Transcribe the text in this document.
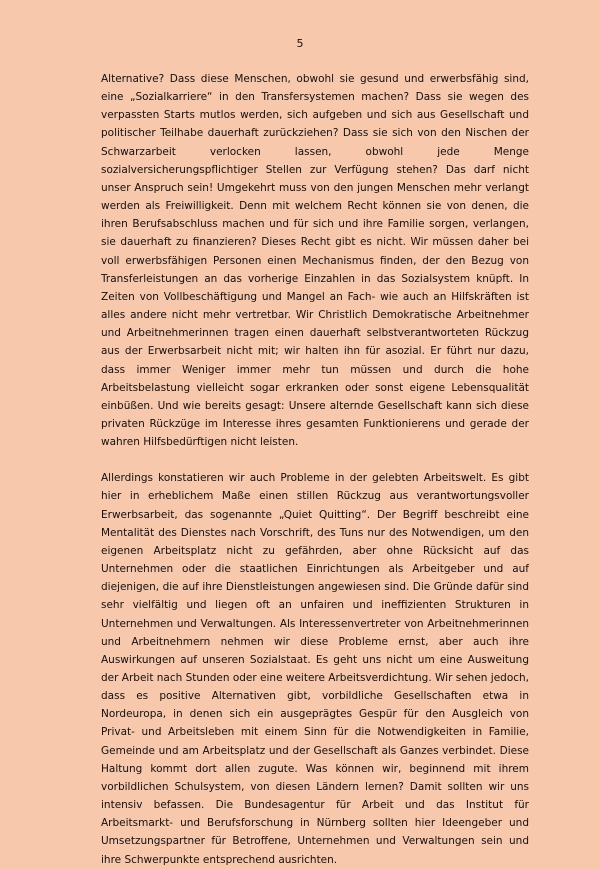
5

Alternative? Dass diese Menschen, obwohl sie gesund und erwerbsfähig sind, eine „Sozialkarriere“ in den Transfersystemen machen? Dass sie wegen des verpassten Starts mutlos werden, sich aufgeben und sich aus Gesellschaft und politischer Teilhabe dauerhaft zurückziehen? Dass sie sich von den Nischen der Schwarzarbeit verlocken lassen, obwohl jede Menge sozialversicherungspflichtiger Stellen zur Verfügung stehen? Das darf nicht unser Anspruch sein! Umgekehrt muss von den jungen Menschen mehr verlangt werden als Freiwilligkeit. Denn mit welchem Recht können sie von denen, die ihren Berufsabschluss machen und für sich und ihre Familie sorgen, verlangen, sie dauerhaft zu finanzieren? Dieses Recht gibt es nicht. Wir müssen daher bei voll erwerbsfähigen Personen einen Mechanismus finden, der den Bezug von Transferleistungen an das vorherige Einzahlen in das Sozialsystem knüpft. In Zeiten von Vollbeschäftigung und Mangel an Fach- wie auch an Hilfskräften ist alles andere nicht mehr vertretbar. Wir Christlich Demokratische Arbeitnehmer und Arbeitnehmerinnen tragen einen dauerhaft selbstverantworteten Rückzug aus der Erwerbsarbeit nicht mit; wir halten ihn für asozial. Er führt nur dazu, dass immer Weniger immer mehr tun müssen und durch die hohe Arbeitsbelastung vielleicht sogar erkranken oder sonst eigene Lebensqualität einbüßen. Und wie bereits gesagt: Unsere alternde Gesellschaft kann sich diese privaten Rückzüge im Interesse ihres gesamten Funktionierens und gerade der wahren Hilfsbedürftigen nicht leisten.

Allerdings konstatieren wir auch Probleme in der gelebten Arbeitswelt. Es gibt hier in erheblichem Maße einen stillen Rückzug aus verantwortungsvoller Erwerbsarbeit, das sogenannte „Quiet Quitting“. Der Begriff beschreibt eine Mentalität des Dienstes nach Vorschrift, des Tuns nur des Notwendigen, um den eigenen Arbeitsplatz nicht zu gefährden, aber ohne Rücksicht auf das Unternehmen oder die staatlichen Einrichtungen als Arbeitgeber und auf diejenigen, die auf ihre Dienstleistungen angewiesen sind. Die Gründe dafür sind sehr vielfältig und liegen oft an unfairen und ineffizienten Strukturen in Unternehmen und Verwaltungen. Als Interessenvertreter von Arbeitnehmerinnen und Arbeitnehmern nehmen wir diese Probleme ernst, aber auch ihre Auswirkungen auf unseren Sozialstaat. Es geht uns nicht um eine Ausweitung der Arbeit nach Stunden oder eine weitere Arbeitsverdichtung. Wir sehen jedoch, dass es positive Alternativen gibt, vorbildliche Gesellschaften etwa in Nordeuropa, in denen sich ein ausgeprägtes Gespür für den Ausgleich von Privat- und Arbeitsleben mit einem Sinn für die Notwendigkeiten in Familie, Gemeinde und am Arbeitsplatz und der Gesellschaft als Ganzes verbindet. Diese Haltung kommt dort allen zugute. Was können wir, beginnend mit ihrem vorbildlichen Schulsystem, von diesen Ländern lernen? Damit sollten wir uns intensiv befassen. Die Bundesagentur für Arbeit und das Institut für Arbeitsmarkt- und Berufsforschung in Nürnberg sollten hier Ideengeber und Umsetzungspartner für Betroffene, Unternehmen und Verwaltungen sein und ihre Schwerpunkte entsprechend ausrichten.
